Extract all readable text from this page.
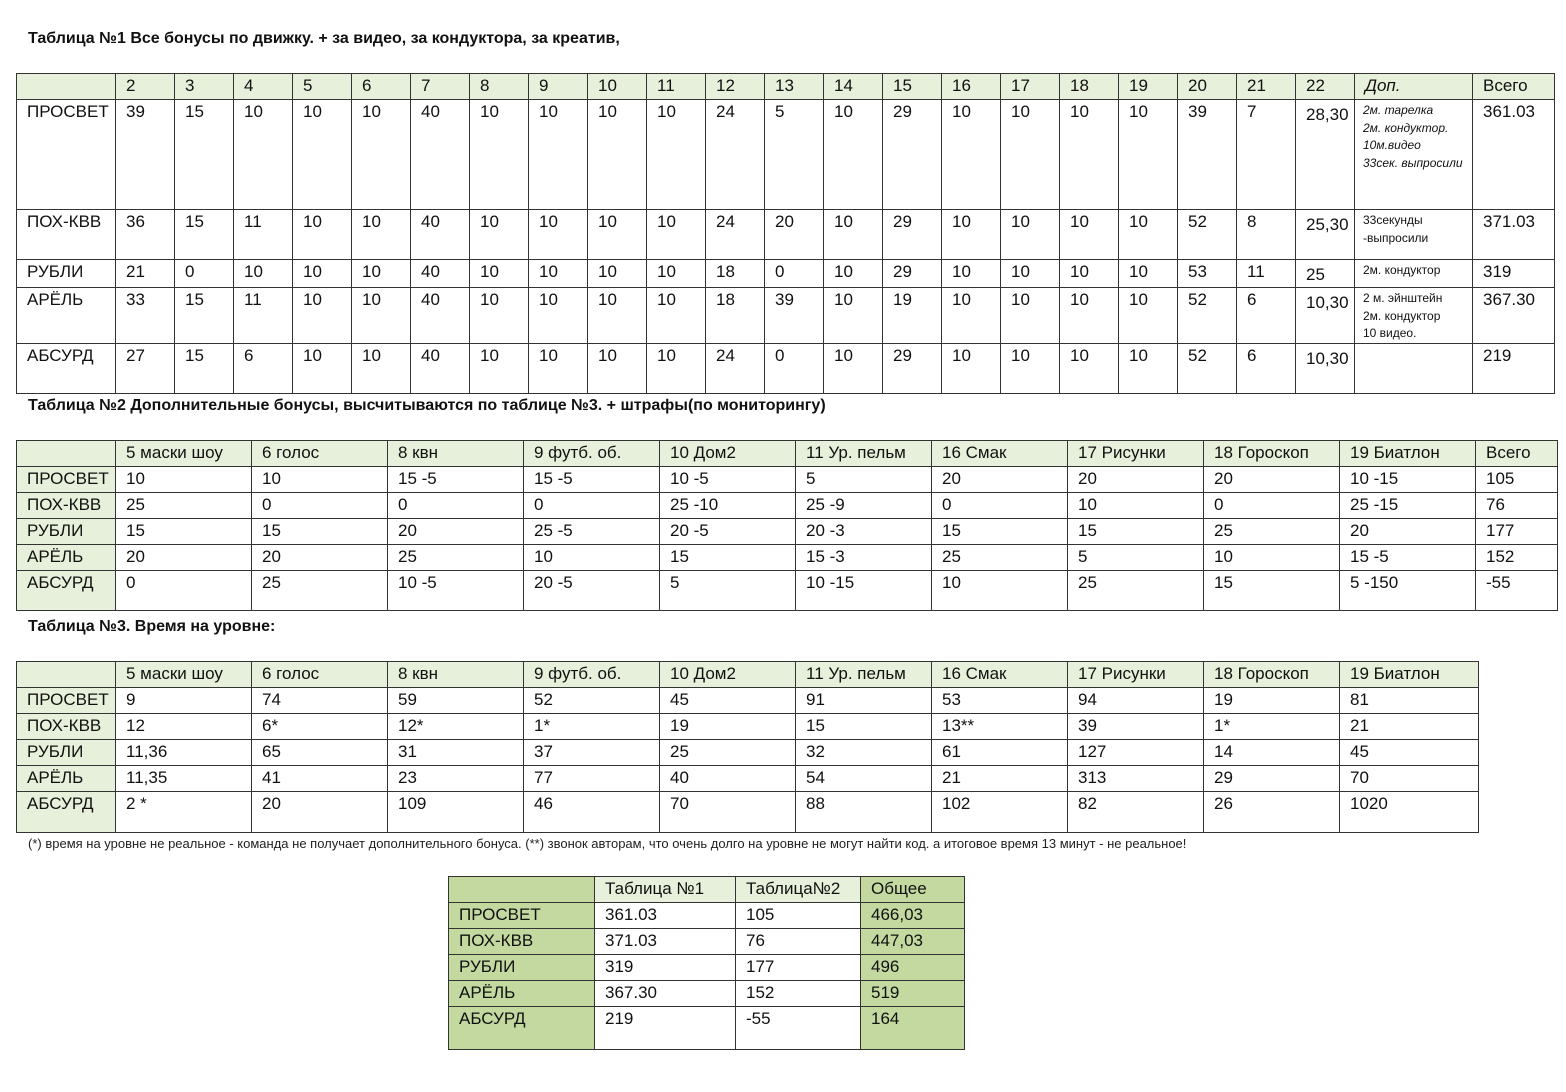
Таблица №1 Все бонусы по движку. + за видео, за кондуктора, за креатив,
	2	3	4	5	6	7	8	9	10	11	12	13	14	15	16	17	18	19	20	21	22	Доп.	Всего
ПРОСВЕТ	39	15	10	10	10	40	10	10	10	10	24	5	10	29	10	10	10	10	39	7	28,30	2м. тарелка
2м. кондуктор.
10м.видео
33сек. выпросили	361.03
ПОХ-КВВ	36	15	11	10	10	40	10	10	10	10	24	20	10	29	10	10	10	10	52	8	25,30	33секунды -выпросили	371.03
РУБЛИ	21	0	10	10	10	40	10	10	10	10	18	0	10	29	10	10	10	10	53	11	25	2м. кондуктор	319
АРЁЛЬ	33	15	11	10	10	40	10	10	10	10	18	39	10	19	10	10	10	10	52	6	10,30	2 м. эйнштейн
2м. кондуктор
10 видео.	367.30
АБСУРД	27	15	6	10	10	40	10	10	10	10	24	0	10	29	10	10	10	10	52	6	10,30		219
Таблица №2 Дополнительные бонусы, высчитываются по таблице №3. + штрафы(по мониторингу)
	5 маски шоу	6 голос	8 квн	9 футб. об.	10 Дом2	11 Ур. пельм	16 Смак	17 Рисунки	18 Гороскоп	19 Биатлон	Всего
ПРОСВЕТ	10	10	15 -5	15 -5	10 -5	5	20	20	20	10 -15	105
ПОХ-КВВ	25	0	0	0	25 -10	25 -9	0	10	0	25 -15	76
РУБЛИ	15	15	20	25 -5	20 -5	20 -3	15	15	25	20	177
АРЁЛЬ	20	20	25	10	15	15 -3	25	5	10	15 -5	152
АБСУРД	0	25	10 -5	20 -5	5	10 -15	10	25	15	5 -150	-55
Таблица №3. Время на уровне:
	5 маски шоу	6 голос	8 квн	9 футб. об.	10 Дом2	11 Ур. пельм	16 Смак	17 Рисунки	18 Гороскоп	19 Биатлон
ПРОСВЕТ	9	74	59	52	45	91	53	94	19	81
ПОХ-КВВ	12	6*	12*	1*	19	15	13**	39	1*	21
РУБЛИ	11,36	65	31	37	25	32	61	127	14	45
АРЁЛЬ	11,35	41	23	77	40	54	21	313	29	70
АБСУРД	2 *	20	109	46	70	88	102	82	26	1020
(*) время на уровне не реальное - команда не получает дополнительного бонуса. (**) звонок авторам, что очень долго на уровне не могут найти код. а итоговое время 13 минут - не реальное!
	Таблица №1	Таблица№2	Общее
ПРОСВЕТ	361.03	105	466,03
ПОХ-КВВ	371.03	76	447,03
РУБЛИ	319	177	496
АРЁЛЬ	367.30	152	519
АБСУРД	219	-55	164
